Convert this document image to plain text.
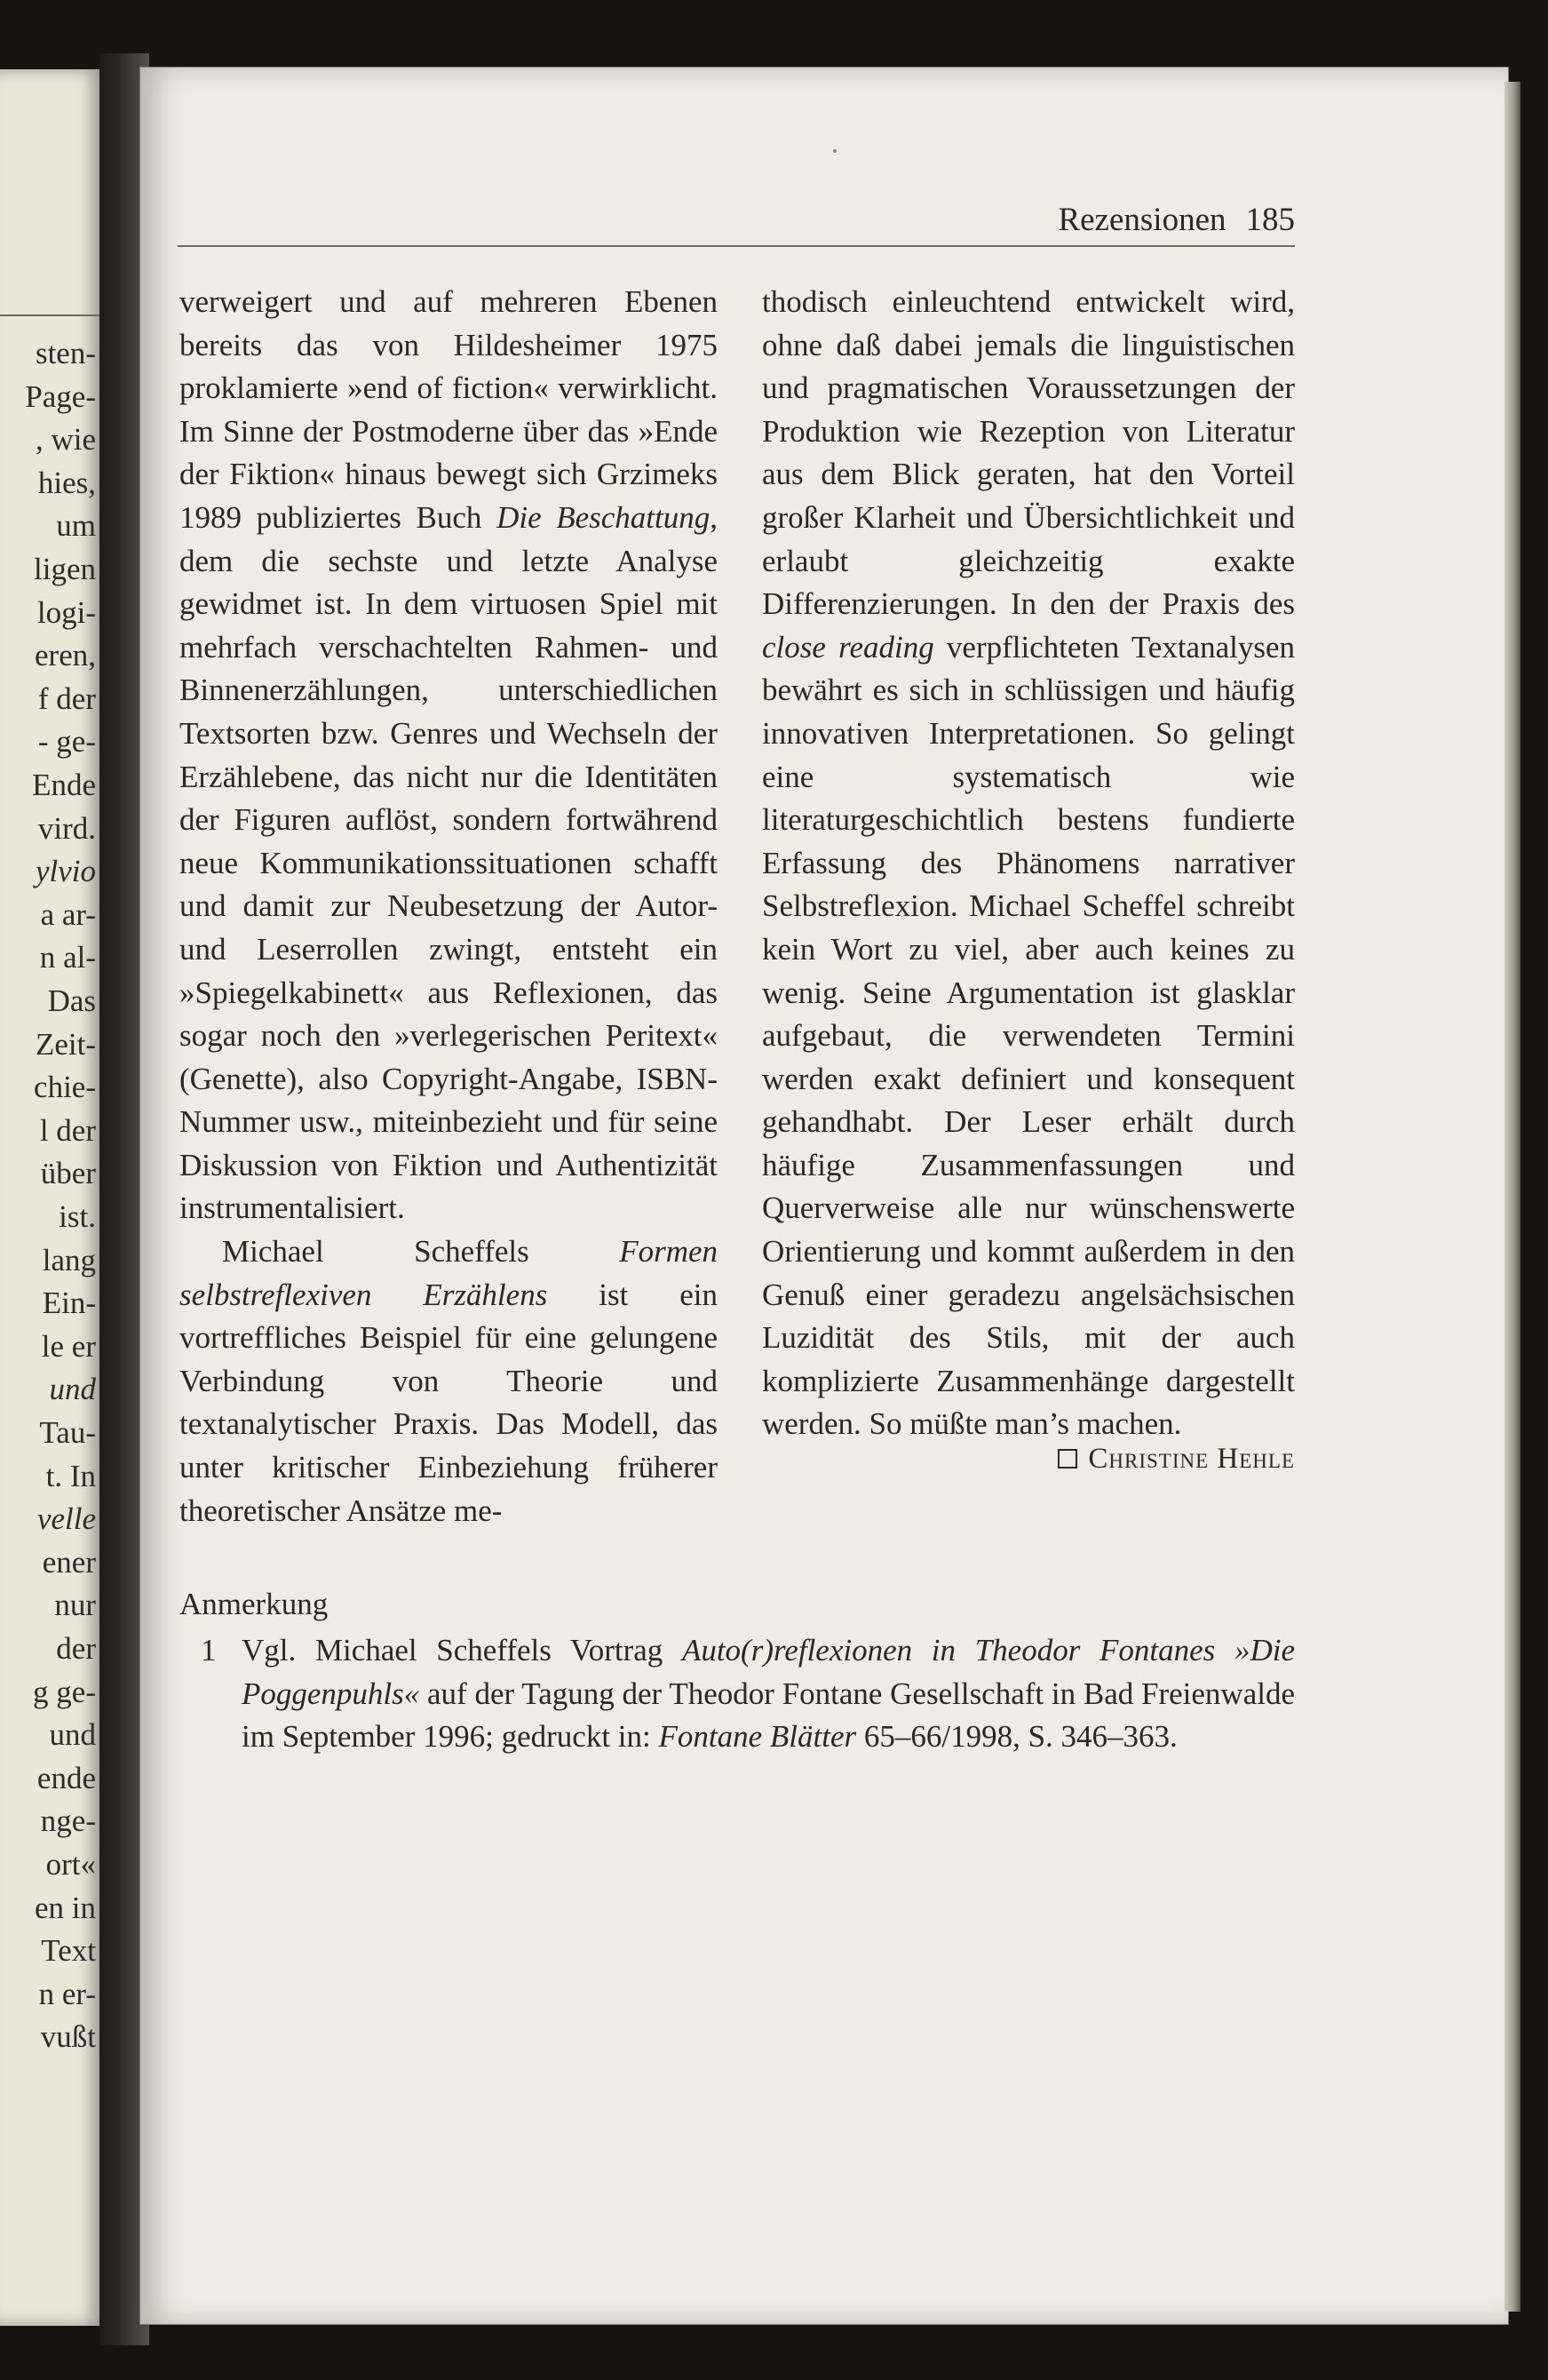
sten-
Page-
, wie
hies,
um
ligen
logi-
eren,
f der
- ge-
Ende
vird.
ylvio
a ar-
n al-
Das
Zeit-
chie-
l der
über
ist.
lang
Ein-
le er
und
Tau-
t. In
velle
ener
nur
der
g ge-
und
ende
nge-
ort«
en in
Text
n er-
vußt
Rezensionen 185

verweigert und auf mehreren Ebenen bereits das von Hildesheimer 1975 proklamierte »end of fiction« verwirklicht. Im Sinne der Postmoderne über das »Ende der Fiktion« hinaus bewegt sich Grzimeks 1989 publiziertes Buch Die Beschattung, dem die sechste und letzte Analyse gewidmet ist. In dem virtuosen Spiel mit mehrfach verschachtelten Rahmen- und Binnenerzählungen, unterschiedlichen Textsorten bzw. Genres und Wechseln der Erzählebene, das nicht nur die Identitäten der Figuren auflöst, sondern fortwährend neue Kommunikationssituationen schafft und damit zur Neubesetzung der Autor- und Leserrollen zwingt, entsteht ein »Spiegelkabinett« aus Reflexionen, das sogar noch den »verlegerischen Peritext« (Genette), also Copyright-Angabe, ISBN-Nummer usw., miteinbezieht und für seine Diskussion von Fiktion und Authentizität instrumentalisiert.

Michael Scheffels Formen selbstreflexiven Erzählens ist ein vortreffliches Beispiel für eine gelungene Verbindung von Theorie und textanalytischer Praxis. Das Modell, das unter kritischer Einbeziehung früherer theoretischer Ansätze me-

thodisch einleuchtend entwickelt wird, ohne daß dabei jemals die linguistischen und pragmatischen Voraussetzungen der Produktion wie Rezeption von Literatur aus dem Blick geraten, hat den Vorteil großer Klarheit und Übersichtlichkeit und erlaubt gleichzeitig exakte Differenzierungen. In den der Praxis des close reading verpflichteten Textanalysen bewährt es sich in schlüssigen und häufig innovativen Interpretationen. So gelingt eine systematisch wie literaturgeschichtlich bestens fundierte Erfassung des Phänomens narrativer Selbstreflexion. Michael Scheffel schreibt kein Wort zu viel, aber auch keines zu wenig. Seine Argumentation ist glasklar aufgebaut, die verwendeten Termini werden exakt definiert und konsequent gehandhabt. Der Leser erhält durch häufige Zusammenfassungen und Querverweise alle nur wünschenswerte Orientierung und kommt außerdem in den Genuß einer geradezu angelsächsischen Luzidität des Stils, mit der auch komplizierte Zusammenhänge dargestellt werden. So müßte man’s machen.

Christine Hehle
Anmerkung
1 Vgl. Michael Scheffels Vortrag Auto(r)reflexionen in Theodor Fontanes »Die Poggenpuhls« auf der Tagung der Theodor Fontane Gesellschaft in Bad Freienwalde im September 1996; gedruckt in: Fontane Blätter 65–66/1998, S. 346–363.
